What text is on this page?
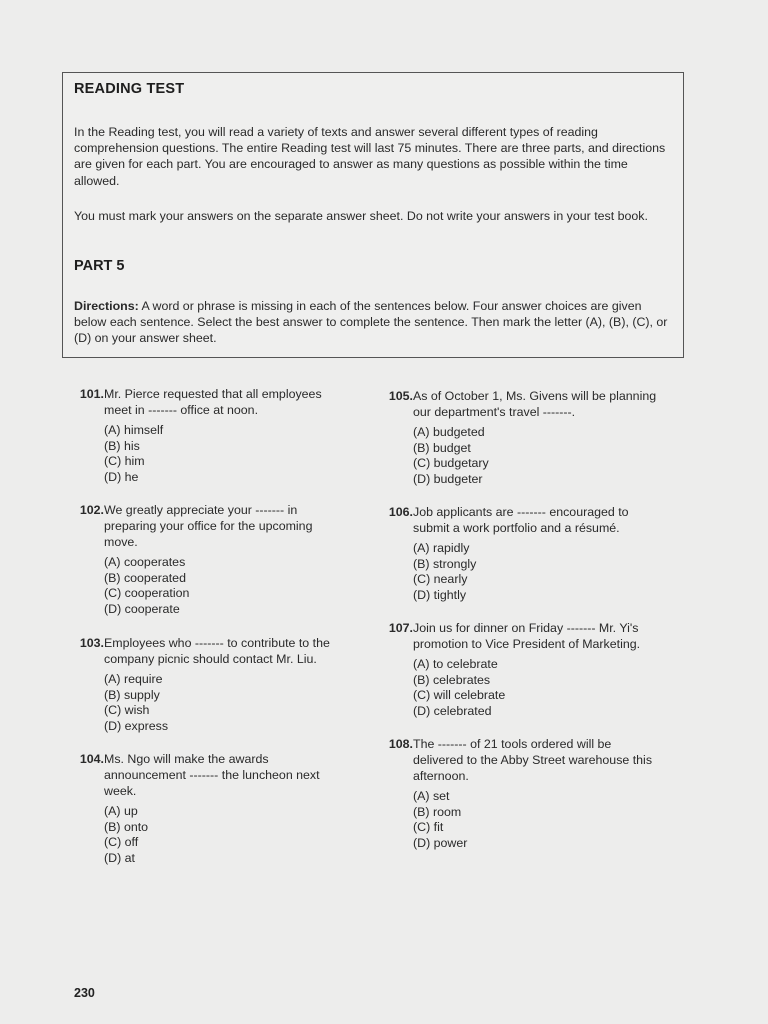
READING TEST

In the Reading test, you will read a variety of texts and answer several different types of reading comprehension questions. The entire Reading test will last 75 minutes. There are three parts, and directions are given for each part. You are encouraged to answer as many questions as possible within the time allowed.

You must mark your answers on the separate answer sheet. Do not write your answers in your test book.

PART 5

Directions: A word or phrase is missing in each of the sentences below. Four answer choices are given below each sentence. Select the best answer to complete the sentence. Then mark the letter (A), (B), (C), or (D) on your answer sheet.

101. Mr. Pierce requested that all employees
meet in ------- office at noon.
(A) himself
(B) his
(C) him
(D) he
102. We greatly appreciate your ------- in
preparing your office for the upcoming
move.
(A) cooperates
(B) cooperated
(C) cooperation
(D) cooperate
103. Employees who ------- to contribute to the
company picnic should contact Mr. Liu.
(A) require
(B) supply
(C) wish
(D) express
104. Ms. Ngo will make the awards
announcement ------- the luncheon next
week.
(A) up
(B) onto
(C) off
(D) at
105. As of October 1, Ms. Givens will be planning
our department's travel -------.
(A) budgeted
(B) budget
(C) budgetary
(D) budgeter
106. Job applicants are ------- encouraged to
submit a work portfolio and a résumé.
(A) rapidly
(B) strongly
(C) nearly
(D) tightly
107. Join us for dinner on Friday ------- Mr. Yi's
promotion to Vice President of Marketing.
(A) to celebrate
(B) celebrates
(C) will celebrate
(D) celebrated
108. The ------- of 21 tools ordered will be
delivered to the Abby Street warehouse this
afternoon.
(A) set
(B) room
(C) fit
(D) power
230
